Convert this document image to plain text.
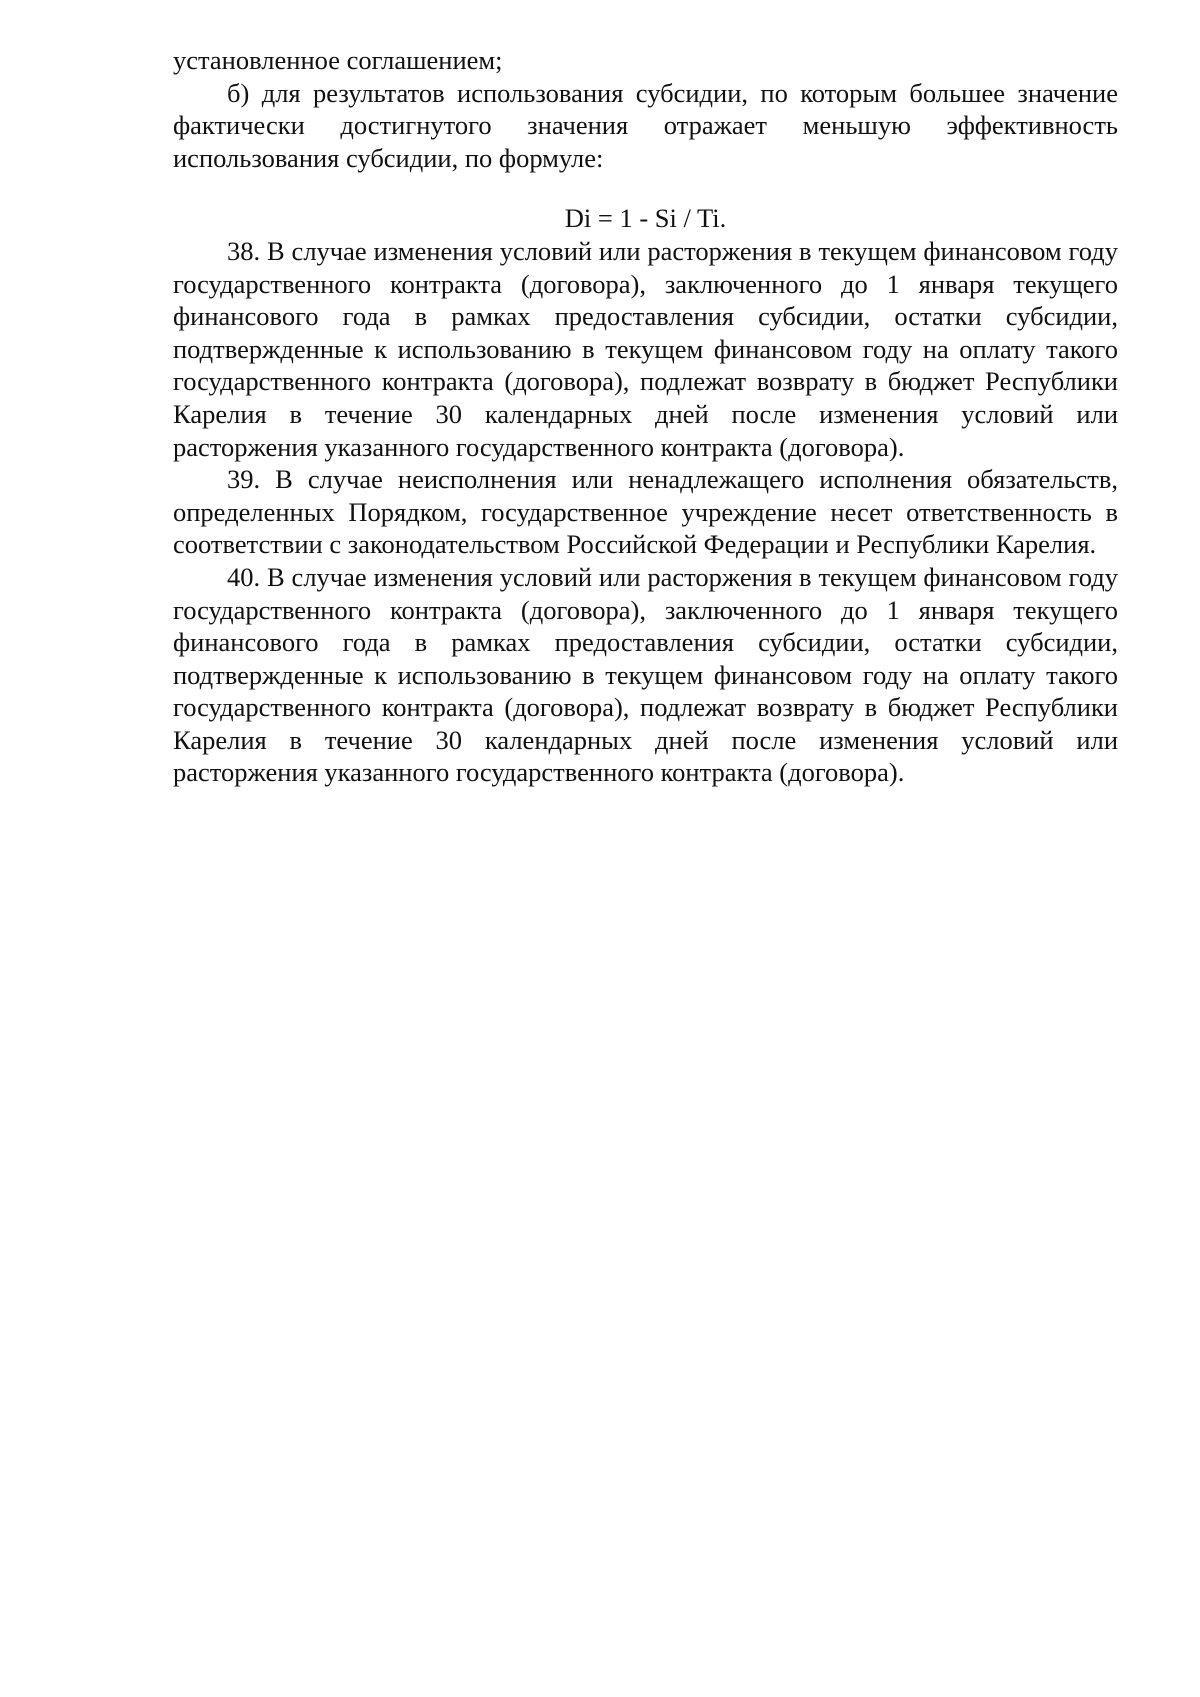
установленное соглашением;

б) для результатов использования субсидии, по которым большее значение фактически достигнутого значения отражает меньшую эффективность использования субсидии, по формуле:

Di = 1 - Si / Ti.

38. В случае изменения условий или расторжения в текущем финансовом году государственного контракта (договора), заключенного до 1 января текущего финансового года в рамках предоставления субсидии, остатки субсидии, подтвержденные к использованию в текущем финансовом году на оплату такого государственного контракта (договора), подлежат возврату в бюджет Республики Карелия в течение 30 календарных дней после изменения условий или расторжения указанного государственного контракта (договора).

39. В случае неисполнения или ненадлежащего исполнения обязательств, определенных Порядком, государственное учреждение несет ответственность в соответствии с законодательством Российской Федерации и Республики Карелия.

40. В случае изменения условий или расторжения в текущем финансовом году государственного контракта (договора), заключенного до 1 января текущего финансового года в рамках предоставления субсидии, остатки субсидии, подтвержденные к использованию в текущем финансовом году на оплату такого государственного контракта (договора), подлежат возврату в бюджет Республики Карелия в течение 30 календарных дней после изменения условий или расторжения указанного государственного контракта (договора).
